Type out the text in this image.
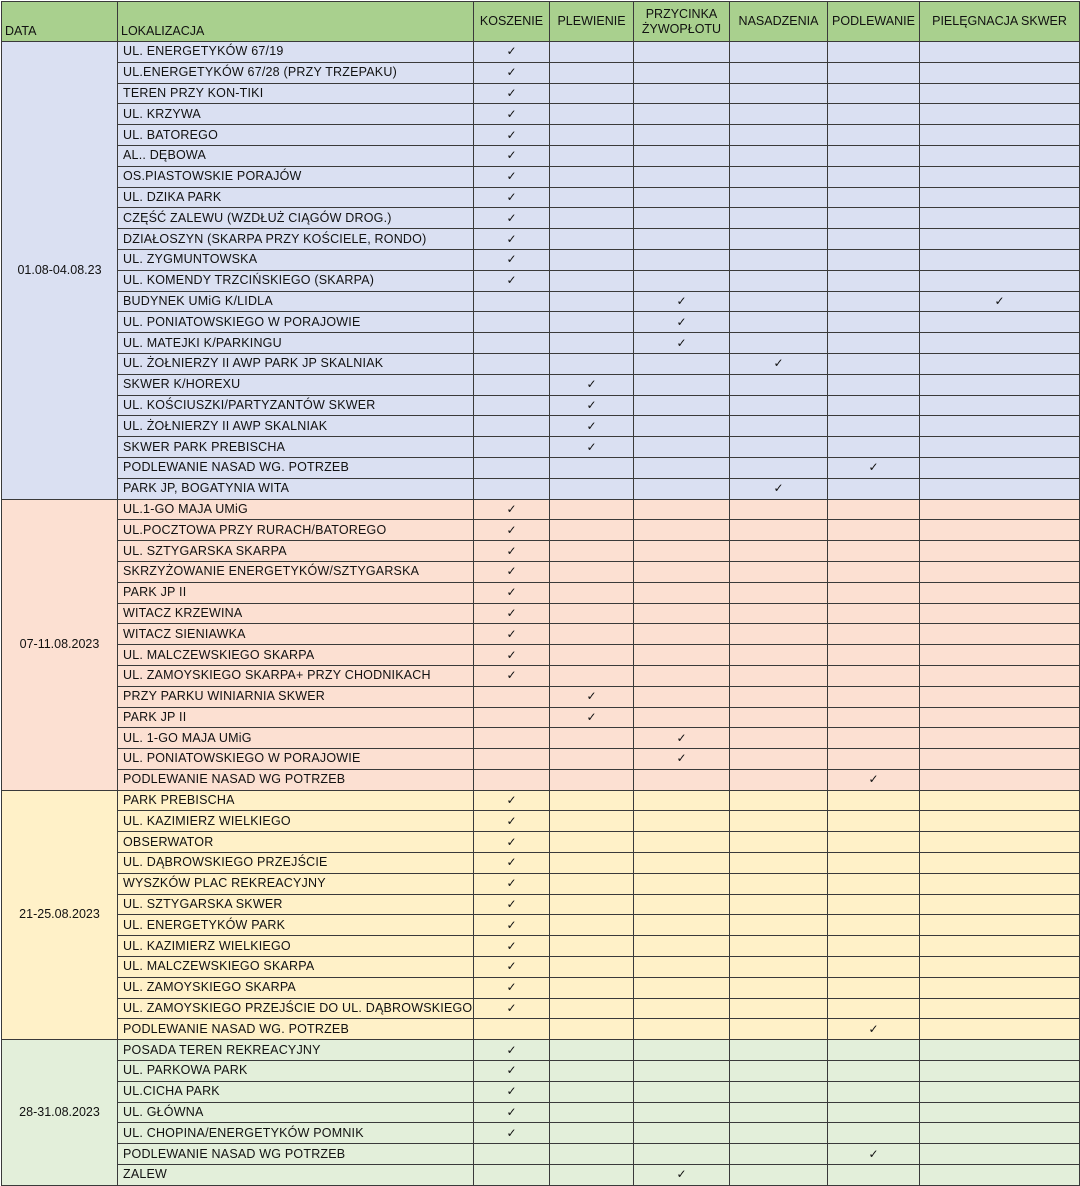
DATA	LOKALIZACJA	KOSZENIE	PLEWIENIE	PRZYCINKA ŻYWOPŁOTU	NASADZENIA	PODLEWANIE	PIELĘGNACJA SKWER
01.08-04.08.23	UL. ENERGETYKÓW 67/19	✓					
	UL.ENERGETYKÓW 67/28 (PRZY TRZEPAKU)	✓					
	TEREN PRZY KON-TIKI	✓					
	UL. KRZYWA	✓					
	UL. BATOREGO	✓					
	AL.. DĘBOWA	✓					
	OS.PIASTOWSKIE PORAJÓW	✓					
	UL. DZIKA PARK	✓					
	CZĘŚĆ ZALEWU (WZDŁUŻ CIĄGÓW DROG.)	✓					
	DZIAŁOSZYN (SKARPA PRZY KOŚCIELE, RONDO)	✓					
	UL. ZYGMUNTOWSKA	✓					
	UL. KOMENDY TRZCIŃSKIEGO (SKARPA)	✓					
	BUDYNEK UMiG K/LIDLA			✓			✓
	UL. PONIATOWSKIEGO W PORAJOWIE			✓			
	UL. MATEJKI K/PARKINGU			✓			
	UL. ŻOŁNIERZY II AWP PARK JP SKALNIAK				✓		
	SKWER K/HOREXU		✓				
	UL. KOŚCIUSZKI/PARTYZANTÓW SKWER		✓				
	UL. ŻOŁNIERZY II AWP SKALNIAK		✓				
	SKWER PARK PREBISCHA		✓				
	PODLEWANIE NASAD WG. POTRZEB					✓	
	PARK JP, BOGATYNIA WITA				✓		
07-11.08.2023	UL.1-GO MAJA UMiG	✓					
	UL.POCZTOWA PRZY RURACH/BATOREGO	✓					
	UL. SZTYGARSKA SKARPA	✓					
	SKRZYŻOWANIE ENERGETYKÓW/SZTYGARSKA	✓					
	PARK JP II	✓					
	WITACZ KRZEWINA	✓					
	WITACZ SIENIAWKA	✓					
	UL. MALCZEWSKIEGO SKARPA	✓					
	UL. ZAMOYSKIEGO SKARPA+ PRZY CHODNIKACH	✓					
	PRZY PARKU WINIARNIA SKWER		✓				
	PARK JP II		✓				
	UL. 1-GO MAJA UMiG			✓			
	UL. PONIATOWSKIEGO W PORAJOWIE			✓			
	PODLEWANIE NASAD WG POTRZEB					✓	
21-25.08.2023	PARK PREBISCHA	✓					
	UL. KAZIMIERZ WIELKIEGO	✓					
	OBSERWATOR	✓					
	UL. DĄBROWSKIEGO PRZEJŚCIE	✓					
	WYSZKÓW PLAC REKREACYJNY	✓					
	UL. SZTYGARSKA SKWER	✓					
	UL. ENERGETYKÓW PARK	✓					
	UL. KAZIMIERZ WIELKIEGO	✓					
	UL. MALCZEWSKIEGO SKARPA	✓					
	UL. ZAMOYSKIEGO SKARPA	✓					
	UL. ZAMOYSKIEGO PRZEJŚCIE DO UL. DĄBROWSKIEGO	✓					
	PODLEWANIE NASAD WG. POTRZEB					✓	
28-31.08.2023	POSADA TEREN REKREACYJNY	✓					
	UL. PARKOWA PARK	✓					
	UL.CICHA PARK	✓					
	UL. GŁÓWNA	✓					
	UL. CHOPINA/ENERGETYKÓW POMNIK	✓					
	PODLEWANIE NASAD WG POTRZEB					✓	
	ZALEW			✓			
